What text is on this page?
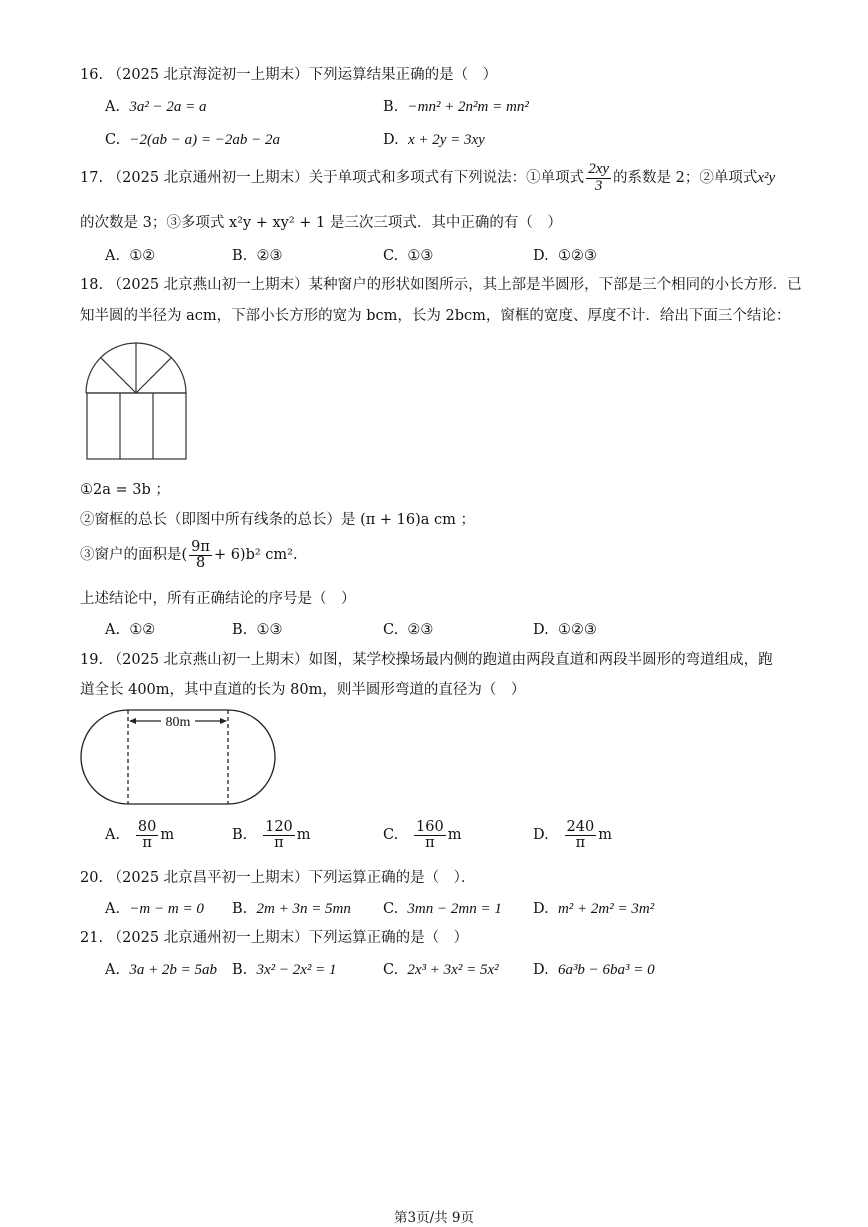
16. （2025 北京海淀初一上期末）下列运算结果正确的是（　）
A. 3a² − 2a = a	B. −mn² + 2n²m = mn²
C. −2(ab − a) = −2ab − 2a	D. x + 2y = 3xy
17. （2025 北京通州初一上期末）关于单项式和多项式有下列说法：①单项式 $\frac{2xy}{3}$ 的系数是 2；②单项式 x²y
的次数是 3；③多项式 x²y + xy² + 1 是三次三项式．其中正确的有（　）
A. ①②	B. ②③	C. ①③	D. ①②③
18. （2025 北京燕山初一上期末）某种窗户的形状如图所示，其上部是半圆形，下部是三个相同的小长方形．已
知半圆的半径为 acm，下部小长方形的宽为 bcm，长为 2bcm，窗框的宽度、厚度不计．给出下面三个结论：
①2a = 3b ；
②窗框的总长（即图中所有线条的总长）是 (π + 16)a cm ；
③窗户的面积是( $\frac{9\pi}{8} + 6)b^2$ cm².
上述结论中，所有正确结论的序号是（　）
A. ①②	B. ①③	C. ②③	D. ①②③
19. （2025 北京燕山初一上期末）如图，某学校操场最内侧的跑道由两段直道和两段半圆形的弯道组成，跑
道全长 400m，其中直道的长为 80m，则半圆形弯道的直径为（　）
80m
A.
$\frac{80}{\pi}$ m	B.
$\frac{120}{\pi}$ m	C.
$\frac{160}{\pi}$ m	D.
$\frac{240}{\pi}$ m
20. （2025 北京昌平初一上期末）下列运算正确的是（　）．
A. −m − m = 0 B. 2m + 3n = 5mn C. 3mn − 2mn = 1 D. m² + 2m² = 3m²
21. （2025 北京通州初一上期末）下列运算正确的是（　）
A. 3a + 2b = 5ab B. 3x² − 2x² = 1	C. 2x³ + 3x² = 5x² D. 6a³b − 6ba³ = 0
第3页/共 9页
